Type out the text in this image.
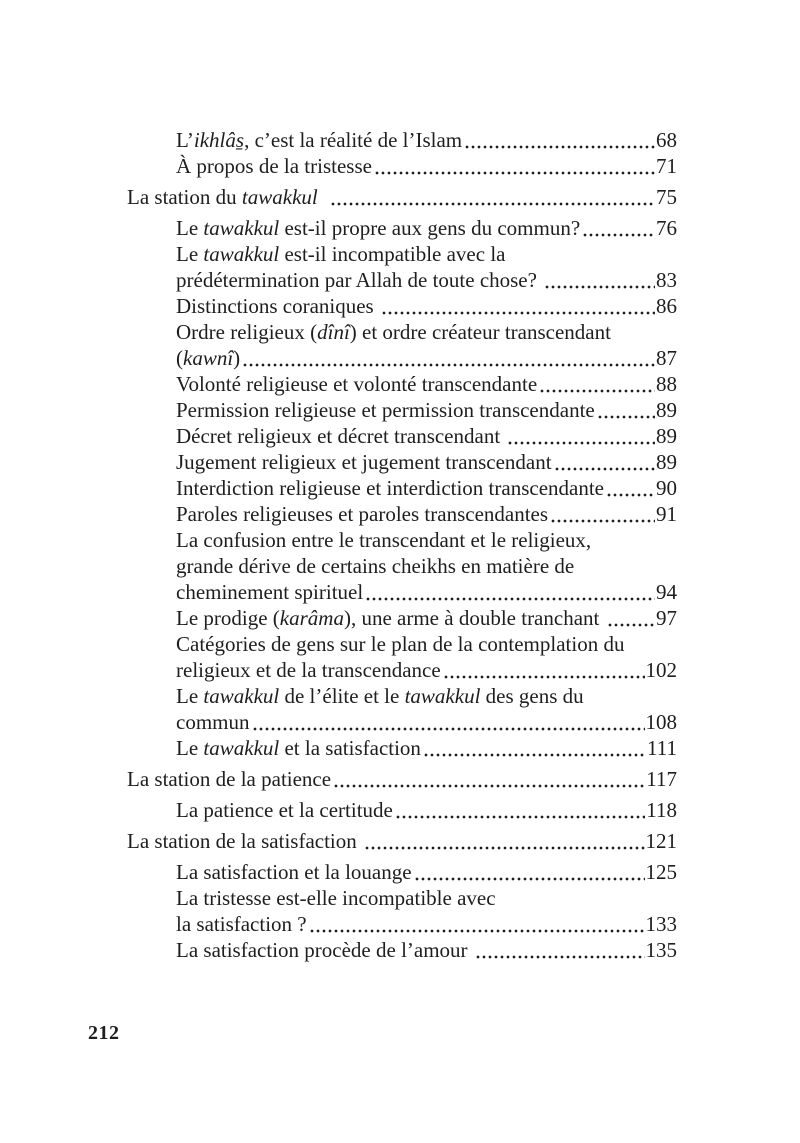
L’ikhlâs̱, c’est la réalité de l’Islam	68
À propos de la tristesse	71
La station du tawakkul	75
Le tawakkul est-il propre aux gens du commun?	76
Le tawakkul est-il incompatible avec la
prédétermination par Allah de toute chose?	83
Distinctions coraniques	86
Ordre religieux (dînî) et ordre créateur transcendant
(kawnî)	87
Volonté religieuse et volonté transcendante	88
Permission religieuse et permission transcendante	89
Décret religieux et décret transcendant	89
Jugement religieux et jugement transcendant	89
Interdiction religieuse et interdiction transcendante 90
Paroles religieuses et paroles transcendantes	91
La confusion entre le transcendant et le religieux,
grande dérive de certains cheikhs en matière de
cheminement spirituel	94
Le prodige (karâma), une arme à double tranchant 97
Catégories de gens sur le plan de la contemplation du
religieux et de la transcendance	102
Le tawakkul de l’élite et le tawakkul des gens du
commun	108
Le tawakkul et la satisfaction	111
La station de la patience	117
La patience et la certitude	118
La station de la satisfaction	121
La satisfaction et la louange	125
La tristesse est-elle incompatible avec
la satisfaction ?	133
La satisfaction procède de l’amour	135
212
